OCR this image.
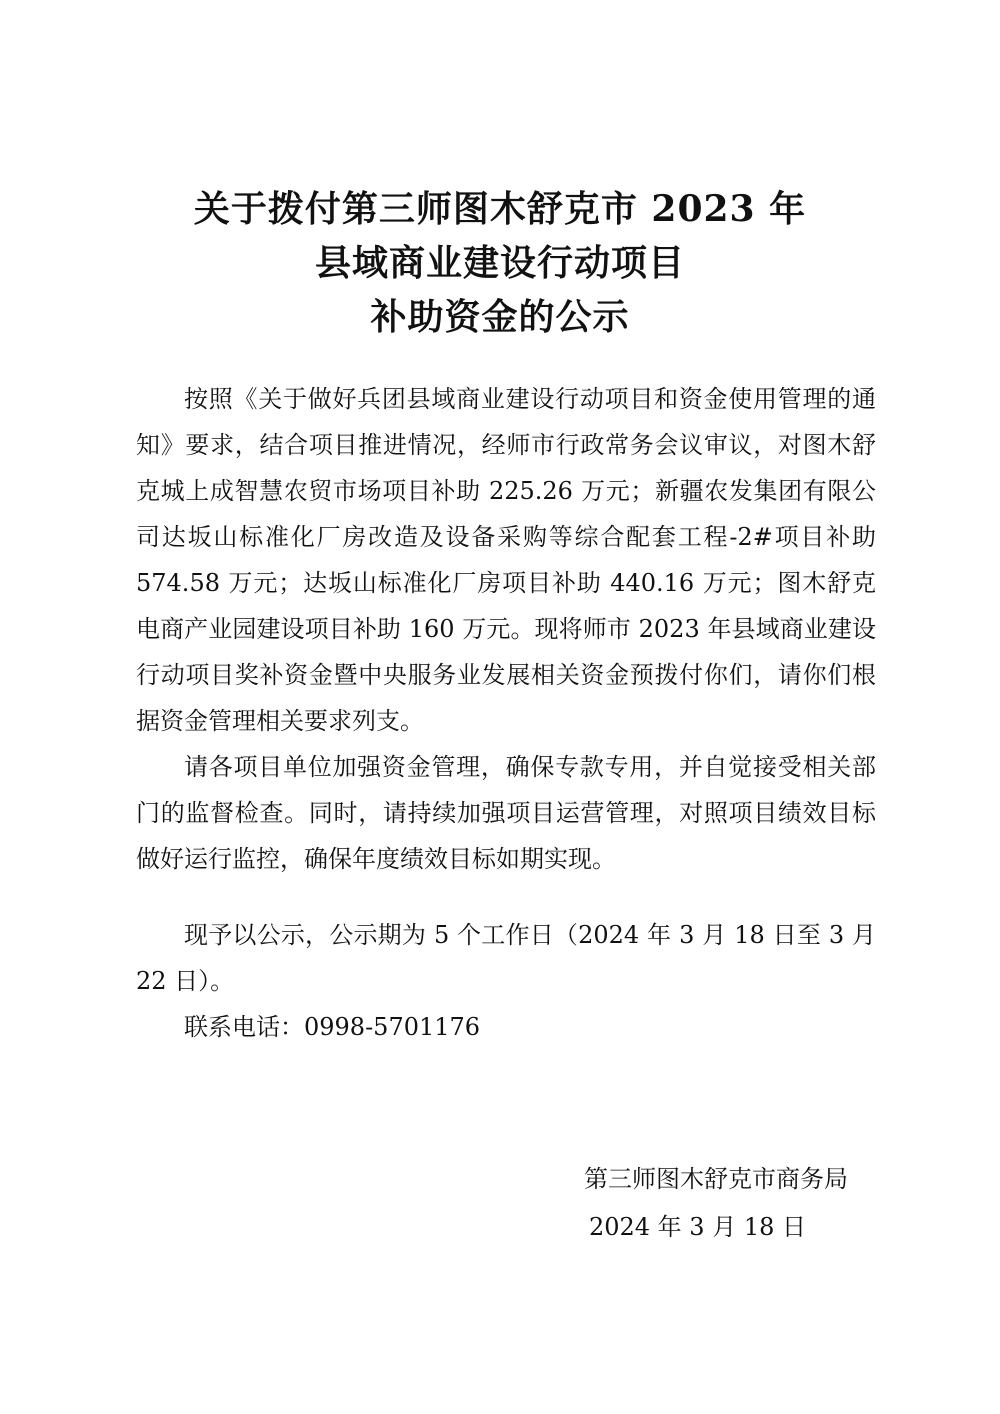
关于拨付第三师图木舒克市 2023 年
县域商业建设行动项目
补助资金的公示

按照《关于做好兵团县域商业建设行动项目和资金使用管理的通知》要求，结合项目推进情况，经师市行政常务会议审议，对图木舒克城上成智慧农贸市场项目补助 225.26 万元；新疆农发集团有限公司达坂山标准化厂房改造及设备采购等综合配套工程-2#项目补助 574.58 万元；达坂山标准化厂房项目补助 440.16 万元；图木舒克电商产业园建设项目补助 160 万元。现将师市 2023 年县域商业建设行动项目奖补资金暨中央服务业发展相关资金预拨付你们，请你们根据资金管理相关要求列支。

请各项目单位加强资金管理，确保专款专用，并自觉接受相关部门的监督检查。同时，请持续加强项目运营管理，对照项目绩效目标做好运行监控，确保年度绩效目标如期实现。

现予以公示，公示期为 5 个工作日（2024 年 3 月 18 日至 3 月 22 日）。

联系电话：0998-5701176

第三师图木舒克市商务局
2024 年 3 月 18 日
